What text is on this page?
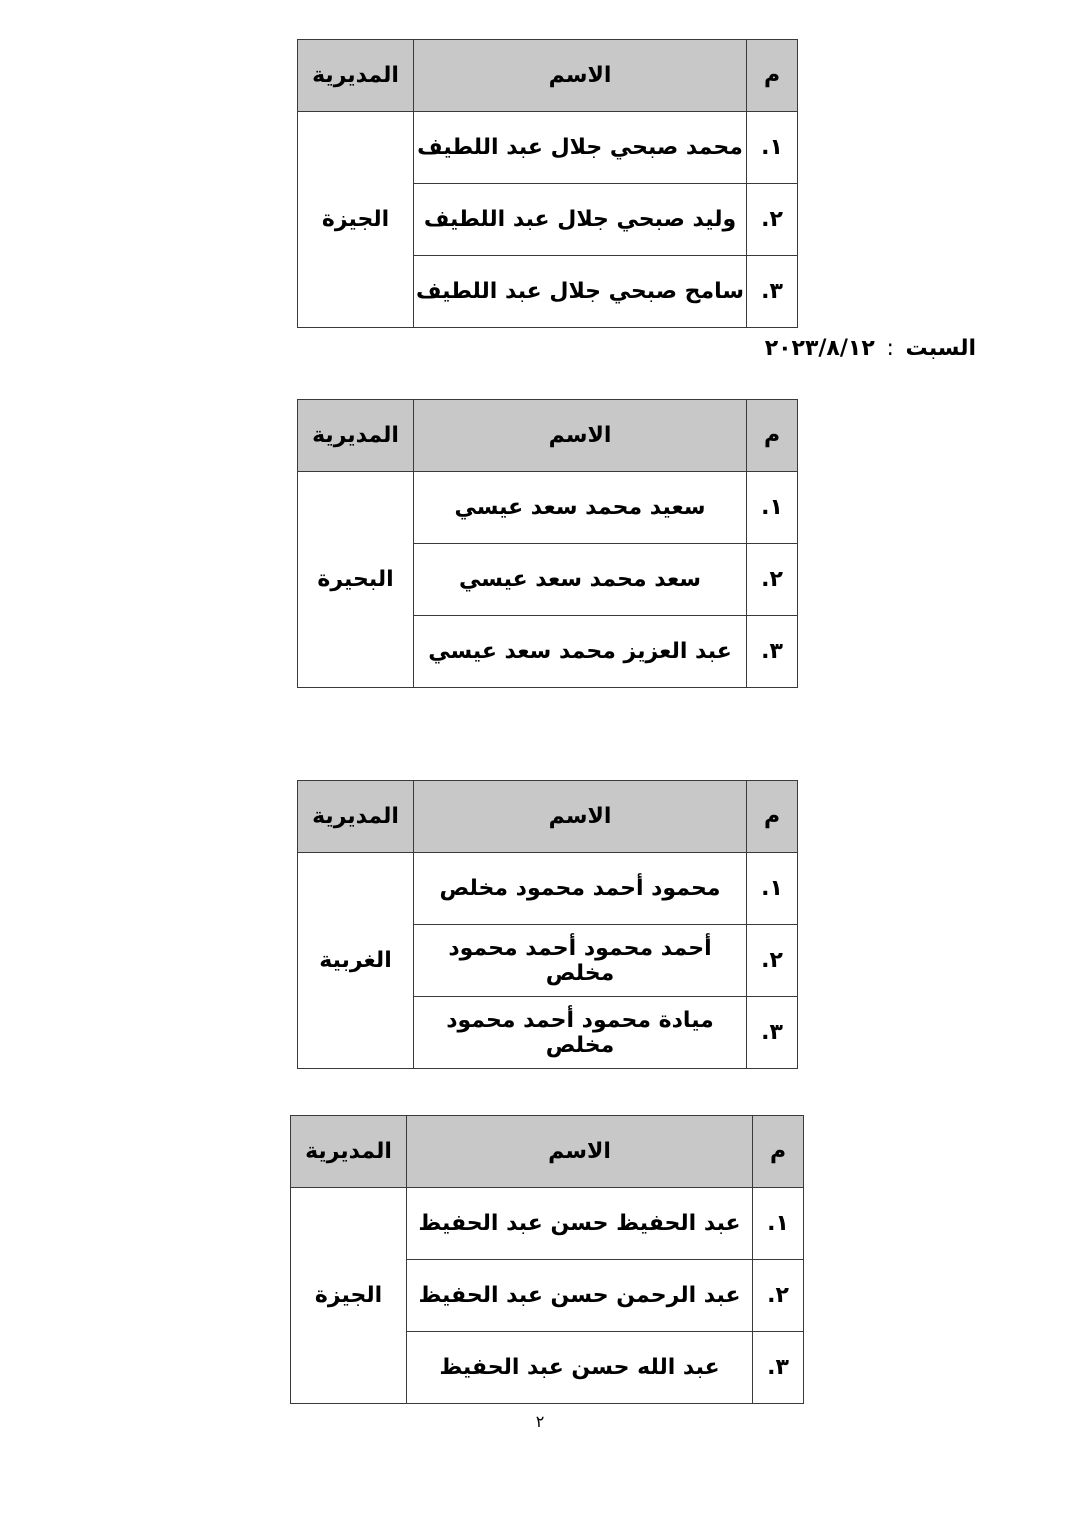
م	الاسم	المديرية
١.	محمد صبحي جلال عبد اللطيف	الجيزة
٢.	وليد صبحي جلال عبد اللطيف	
٣.	سامح صبحي جلال عبد اللطيف	
السبت : ٢٠٢٣/٨/١٢
م	الاسم	المديرية
١.	سعيد محمد سعد عيسي	البحيرة
٢.	سعد محمد سعد عيسي	
٣.	عبد العزيز محمد سعد عيسي	
م	الاسم	المديرية
١.	محمود أحمد محمود مخلص	الغربية
٢.	أحمد محمود أحمد محمود مخلص	
٣.	ميادة محمود أحمد محمود مخلص	
م	الاسم	المديرية
١.	عبد الحفيظ حسن عبد الحفيظ	الجيزة
٢.	عبد الرحمن حسن عبد الحفيظ	
٣.	عبد الله حسن عبد الحفيظ	
٢
